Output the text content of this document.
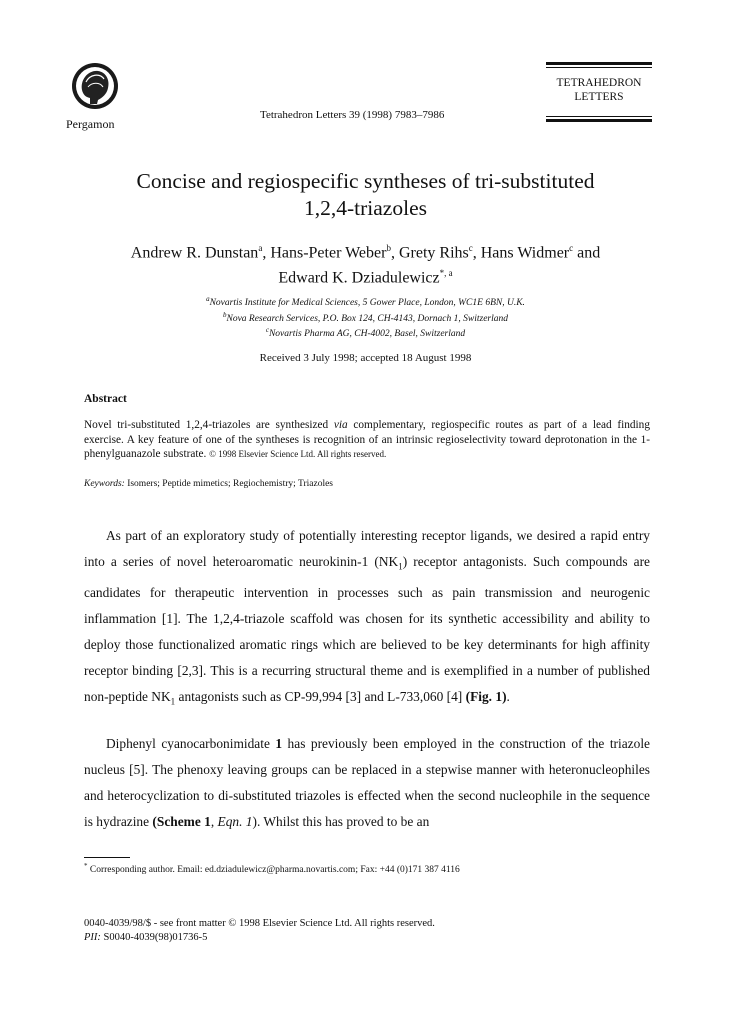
Pergamon
Tetrahedron Letters 39 (1998) 7983–7986
TETRAHEDRON
LETTERS
Concise and regiospecific syntheses of tri-substituted
1,2,4-triazoles
Andrew R. Dunstan$^a$, Hans-Peter Weber$^b$, Grety Rihs$^c$, Hans Widmer$^c$ and
Edward K. Dziadulewicz$^{*, a}$
$^a$Novartis Institute for Medical Sciences, 5 Gower Place, London, WC1E 6BN, U.K.
$^b$Nova Research Services, P.O. Box 124, CH-4143, Dornach 1, Switzerland
$^c$Novartis Pharma AG, CH-4002, Basel, Switzerland
Received 3 July 1998; accepted 18 August 1998
Abstract
Novel tri-substituted 1,2,4-triazoles are synthesized via complementary, regiospecific routes as part of a lead finding exercise. A key feature of one of the syntheses is recognition of an intrinsic regioselectivity toward deprotonation in the 1-phenylguanazole substrate. © 1998 Elsevier Science Ltd. All rights reserved.
Keywords: Isomers; Peptide mimetics; Regiochemistry; Triazoles

As part of an exploratory study of potentially interesting receptor ligands, we desired a rapid entry into a series of novel heteroaromatic neurokinin-1 $(NK_1)$ receptor antagonists. Such compounds are candidates for therapeutic intervention in processes such as pain transmission and neurogenic inflammation [1]. The 1,2,4-triazole scaffold was chosen for its synthetic accessibility and ability to deploy those functionalized aromatic rings which are believed to be key determinants for high affinity receptor binding [2,3]. This is a recurring structural theme and is exemplified in a number of published non-peptide $NK_1$ antagonists such as CP-99,994 [3] and L-733,060 [4] (Fig. 1).

Diphenyl cyanocarbonimidate 1 has previously been employed in the construction of the triazole nucleus [5]. The phenoxy leaving groups can be replaced in a stepwise manner with heteronucleophiles and heterocyclization to di-substituted triazoles is effected when the second nucleophile in the sequence is hydrazine (Scheme 1, Eqn. 1). Whilst this has proved to be an

* Corresponding author. Email: ed.dziadulewicz@pharma.novartis.com; Fax: +44 (0)171 387 4116
0040-4039/98/$ - see front matter © 1998 Elsevier Science Ltd. All rights reserved.
PII: S0040-4039(98)01736-5
